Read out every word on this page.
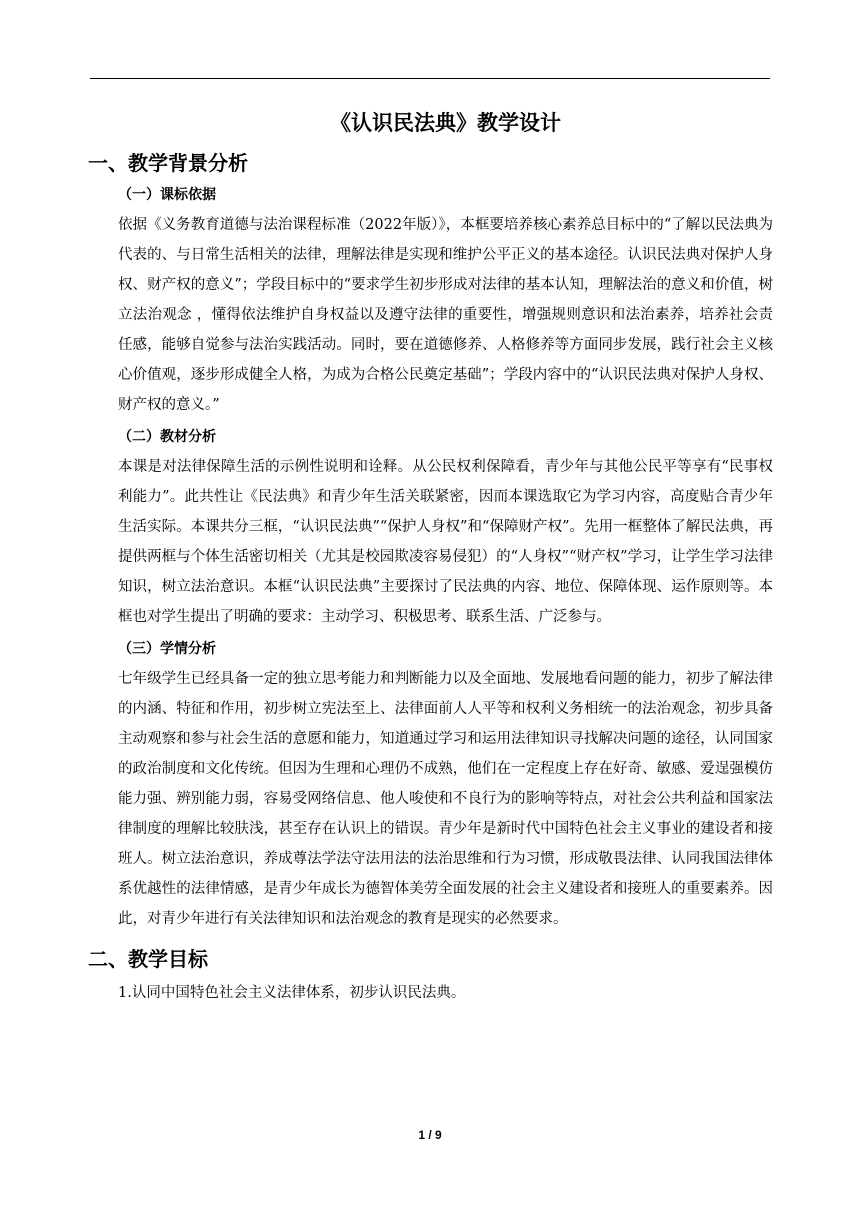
《认识民法典》教学设计
一、教学背景分析
（一）课标依据

依据《义务教育道德与法治课程标准（2022年版）》，本框要培养核心素养总目标中的“了解以民法典为代表的、与日常生活相关的法律，理解法律是实现和维护公平正义的基本途径。认识民法典对保护人身权、财产权的意义”；学段目标中的“要求学生初步形成对法律的基本认知，理解法治的意义和价值，树立法治观念 ，懂得依法维护自身权益以及遵守法律的重要性，增强规则意识和法治素养，培养社会责任感，能够自觉参与法治实践活动。同时，要在道德修养、人格修养等方面同步发展，践行社会主义核心价值观，逐步形成健全人格，为成为合格公民奠定基础”；学段内容中的“认识民法典对保护人身权、财产权的意义。”

（二）教材分析

本课是对法律保障生活的示例性说明和诠释。从公民权利保障看，青少年与其他公民平等享有“民事权利能力”。此共性让《民法典》和青少年生活关联紧密，因而本课选取它为学习内容，高度贴合青少年生活实际。本课共分三框，“认识民法典”“保护人身权”和“保障财产权”。先用一框整体了解民法典，再提供两框与个体生活密切相关（尤其是校园欺凌容易侵犯）的“人身权”“财产权”学习，让学生学习法律知识，树立法治意识。本框“认识民法典”主要探讨了民法典的内容、地位、保障体现、运作原则等。本框也对学生提出了明确的要求：主动学习、积极思考、联系生活、广泛参与。

（三）学情分析

七年级学生已经具备一定的独立思考能力和判断能力以及全面地、发展地看问题的能力，初步了解法律的内涵、特征和作用，初步树立宪法至上、法律面前人人平等和权利义务相统一的法治观念，初步具备主动观察和参与社会生活的意愿和能力，知道通过学习和运用法律知识寻找解决问题的途径，认同国家的政治制度和文化传统。但因为生理和心理仍不成熟，他们在一定程度上存在好奇、敏感、爱逞强模仿能力强、辨别能力弱，容易受网络信息、他人唆使和不良行为的影响等特点，对社会公共利益和国家法律制度的理解比较肤浅，甚至存在认识上的错误。青少年是新时代中国特色社会主义事业的建设者和接班人。树立法治意识，养成尊法学法守法用法的法治思维和行为习惯，形成敬畏法律、认同我国法律体系优越性的法律情感，是青少年成长为德智体美劳全面发展的社会主义建设者和接班人的重要素养。因此，对青少年进行有关法律知识和法治观念的教育是现实的必然要求。

二、教学目标
1.认同中国特色社会主义法律体系，初步认识民法典。
1 / 9
